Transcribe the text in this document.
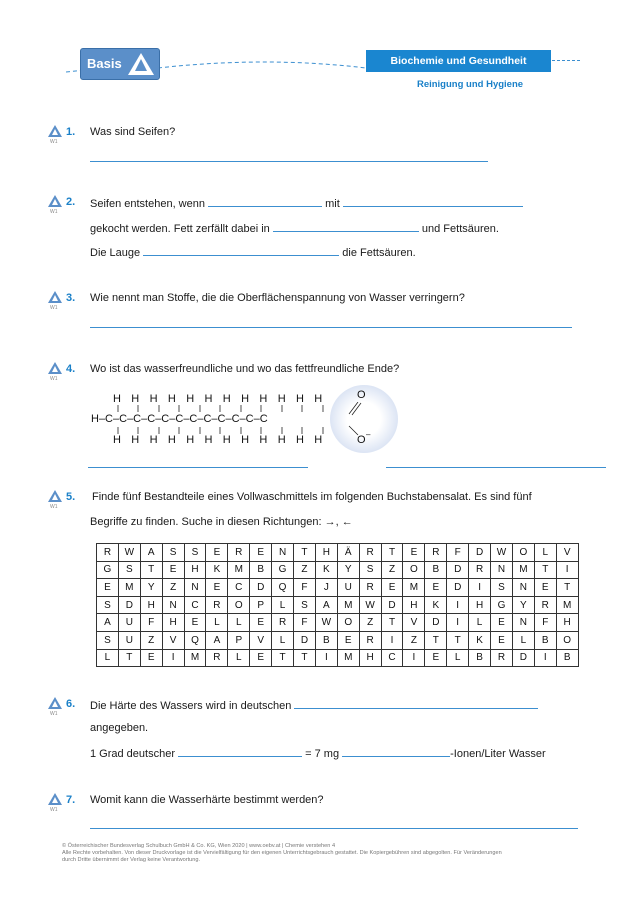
Basis	Biochemie und Gesundheit
Reinigung und Hygiene
W1
1. Was sind Seifen?
W1
2. Seifen entstehen, wenn	mit
gekocht werden. Fett zerfällt dabei in	und Fettsäuren.
Die Lauge	die Fettsäuren.
W1
3. Wie nennt man Stoffe, die die Oberflächenspannung von Wasser verringern?
W1
4. Wo ist das wasserfreundliche und wo das fettfreundliche Ende?
H H H H H H H H H H H H
H–C–C–C–C–C–C–C–C–C–C–C–C
H H H H H H H H H H H H
O
O –
W1
5. Finde fünf Bestandteile eines Vollwaschmittels im folgenden Buchstabensalat. Es sind fünf
Begriffe zu finden. Suche in diesen Richtungen: →, ←
R	W	A	S	S	E	R	E	N	T	H	Ä	R	T	E	R	F	D	W	O	L	V
G	S	T	E	H	K	M	B	G	Z	K	Y	S	Z	O	B	D	R	N	M	T	I
E	M	Y	Z	N	E	C	D	Q	F	J	U	R	E	M	E	D	I	S	N	E	T
S	D	H	N	C	R	O	P	L	S	A	M	W	D	H	K	I	H	G	Y	R	M
A	U	F	H	E	L	L	E	R	F	W	O	Z	T	V	D	I	L	E	N	F	H
S	U	Z	V	Q	A	P	V	L	D	B	E	R	I	Z	T	T	K	E	L	B	O
L	T	E	I	M	R	L	E	T	T	I	M	H	C	I	E	L	B	R	D	I	B
W1
6. Die Härte des Wassers wird in deutschen
angegeben.
1 Grad deutscher	= 7 mg	-Ionen/Liter Wasser
W1
7. Womit kann die Wasserhärte bestimmt werden?
© Österreichischer Bundesverlag Schulbuch GmbH & Co. KG, Wien 2020 | www.oebv.at | Chemie verstehen 4
Alle Rechte vorbehalten. Von dieser Druckvorlage ist die Vervielfältigung für den eigenen Unterrichtsgebrauch gestattet. Die Kopiergebühren sind abgegolten. Für Veränderungen
durch Dritte übernimmt der Verlag keine Verantwortung.
